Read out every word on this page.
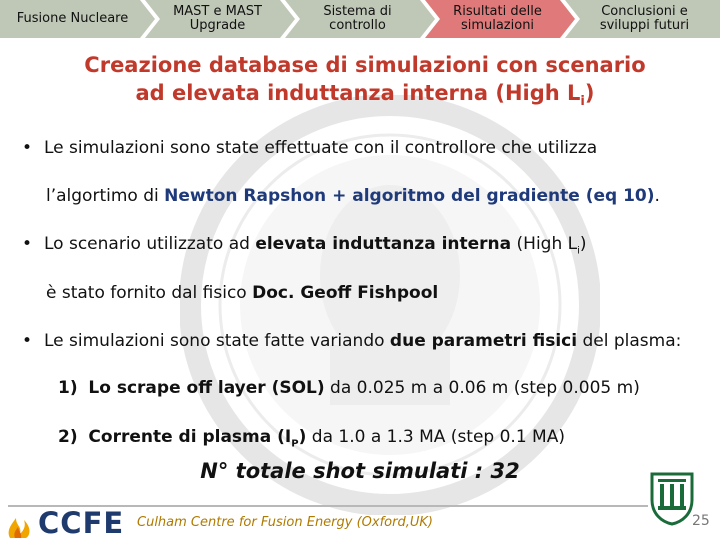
Fusione Nucleare	MAST e MAST
Upgrade
Sistema di
controllo
Risultati delle
simulazioni
Conclusioni e
sviluppi futuri
Creazione database di simulazioni con scenario
ad elevata induttanza interna (High $L_i$)
• Le simulazioni sono state effettuate con il controllore che utilizza
l’algortimo di Newton Rapshon + algoritmo del gradiente (eq 10).
• Lo scenario utilizzato ad elevata induttanza interna (High $L_i$)
è stato fornito dal fisico Doc. Geoff Fishpool
• Le simulazioni sono state fatte variando due parametri fisici del plasma:
1) Lo scrape off layer (SOL) da 0.025 m a 0.06 m (step 0.005 m)
2) Corrente di plasma $(I_P)$ da 1.0 a 1.3 MA (step 0.1 MA)
N° totale shot simulati : 32
CCFE Culham Centre for Fusion Energy (Oxford,UK)	25
